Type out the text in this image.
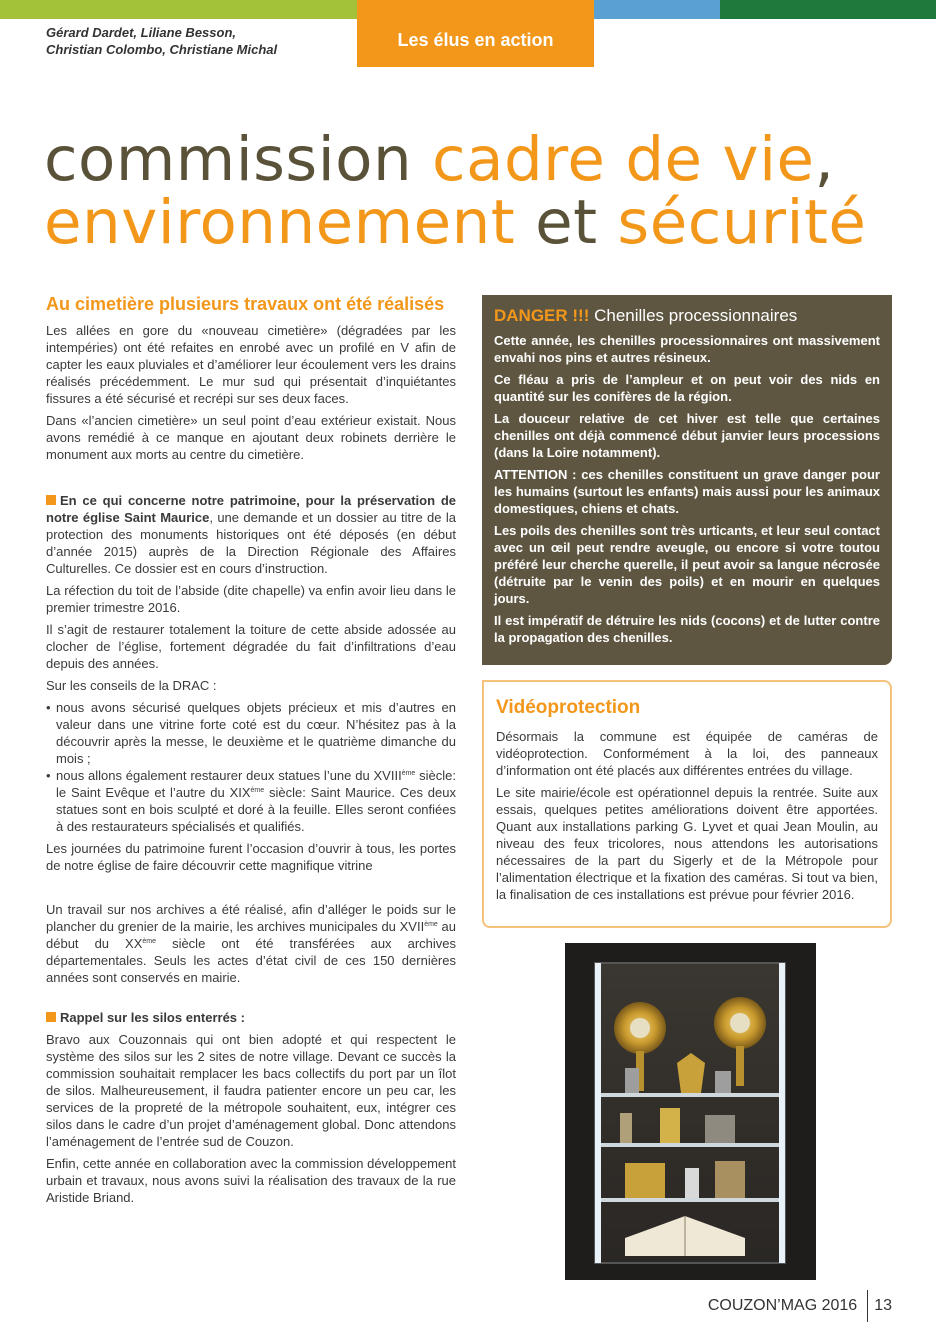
Gérard Dardet, Liliane Besson,
Christian Colombo, Christiane Michal	Les élus en action
commission cadre de vie,
environnement et sécurité
Au cimetière plusieurs travaux ont été réalisés

Les allées en gore du «nouveau cimetière» (dégradées par les intempéries) ont été refaites en enrobé avec un profilé en V afin de capter les eaux pluviales et d’améliorer leur écoulement vers les drains réalisés précédemment. Le mur sud qui présentait d’inquiétantes fissures a été sécurisé et recrépi sur ses deux faces.

Dans «l’ancien cimetière» un seul point d’eau extérieur existait. Nous avons remédié à ce manque en ajoutant deux robinets derrière le monument aux morts au centre du cimetière.

En ce qui concerne notre patrimoine, pour la préservation de notre église Saint Maurice, une demande et un dossier au titre de la protection des monuments historiques ont été déposés (en début d’année 2015) auprès de la Direction Régionale des Affaires Culturelles. Ce dossier est en cours d’instruction.

La réfection du toit de l’abside (dite chapelle) va enfin avoir lieu dans le premier trimestre 2016.

Il s’agit de restaurer totalement la toiture de cette abside adossée au clocher de l’église, fortement dégradée du fait d’infiltrations d’eau depuis des années.

Sur les conseils de la DRAC :

• nous avons sécurisé quelques objets précieux et mis d’autres en valeur dans une vitrine forte coté est du cœur. N’hésitez pas à la découvrir après la messe, le deuxième et le quatrième dimanche du mois ;
• nous allons également restaurer deux statues l’une du XVIIIème siècle: le Saint Evêque et l’autre du XIXème siècle: Saint Maurice. Ces deux statues sont en bois sculpté et doré à la feuille. Elles seront confiées à des restaurateurs spécialisés et qualifiés.

Les journées du patrimoine furent l’occasion d’ouvrir à tous, les portes de notre église de faire découvrir cette magnifique vitrine

Un travail sur nos archives a été réalisé, afin d’alléger le poids sur le plancher du grenier de la mairie, les archives municipales du XVIIème au début du XXème siècle ont été transférées aux archives départementales. Seuls les actes d’état civil de ces 150 dernières années sont conservés en mairie.

Rappel sur les silos enterrés :

Bravo aux Couzonnais qui ont bien adopté et qui respectent le système des silos sur les 2 sites de notre village. Devant ce succès la commission souhaitait remplacer les bacs collectifs du port par un îlot de silos. Malheureusement, il faudra patienter encore un peu car, les services de la propreté de la métropole souhaitent, eux, intégrer ces silos dans le cadre d’un projet d’aménagement global. Donc attendons l’aménagement de l’entrée sud de Couzon.

Enfin, cette année en collaboration avec la commission développement urbain et travaux, nous avons suivi la réalisation des travaux de la rue Aristide Briand.

DANGER !!! Chenilles processionnaires

Cette année, les chenilles processionnaires ont massivement envahi nos pins et autres résineux.

Ce fléau a pris de l’ampleur et on peut voir des nids en quantité sur les conifères de la région.

La douceur relative de cet hiver est telle que certaines chenilles ont déjà commencé début janvier leurs processions (dans la Loire notamment).

ATTENTION : ces chenilles constituent un grave danger pour les humains (surtout les enfants) mais aussi pour les animaux domestiques, chiens et chats.

Les poils des chenilles sont très urticants, et leur seul contact avec un œil peut rendre aveugle, ou encore si votre toutou préféré leur cherche querelle, il peut avoir sa langue nécrosée (détruite par le venin des poils) et en mourir en quelques jours.

Il est impératif de détruire les nids (cocons) et de lutter contre la propagation des chenilles.

Vidéoprotection

Désormais la commune est équipée de caméras de vidéoprotection. Conformément à la loi, des panneaux d’information ont été placés aux différentes entrées du village.

Le site mairie/école est opérationnel depuis la rentrée. Suite aux essais, quelques petites améliorations doivent être apportées. Quant aux installations parking G. Lyvet et quai Jean Moulin, au niveau des feux tricolores, nous attendons les autorisations nécessaires de la part du Sigerly et de la Métropole pour l’alimentation électrique et la fixation des caméras. Si tout va bien, la finalisation de ces installations est prévue pour février 2016.

COUZON’MAG 2016	13
